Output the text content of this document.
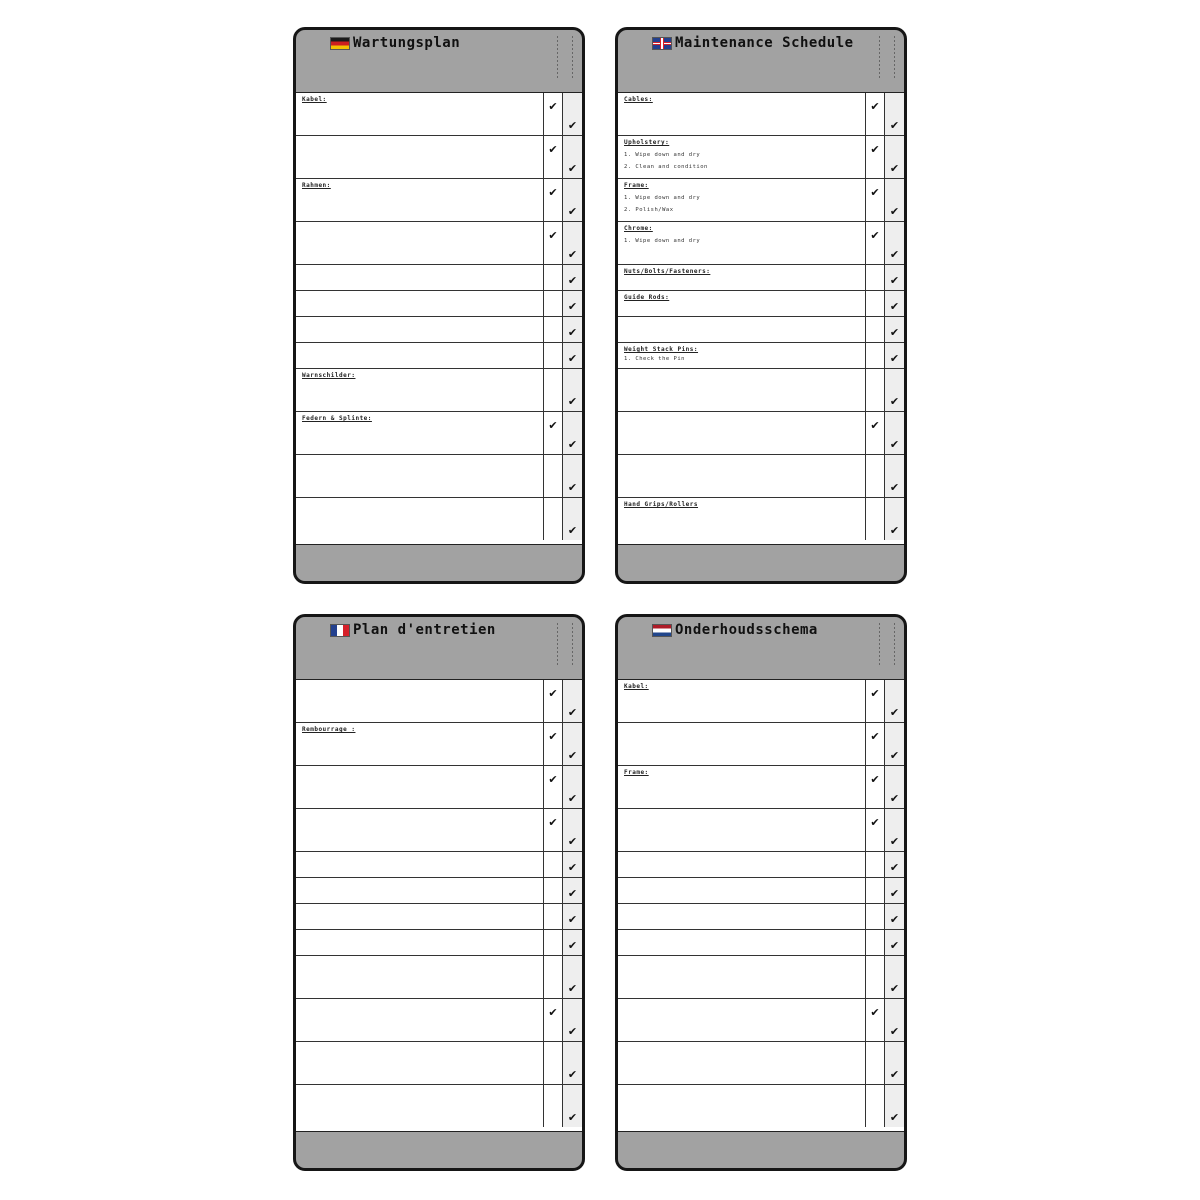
Wartungsplan
Kabel:
✔
✔
✔
✔
Rahmen:
✔
✔
✔
✔
✔
✔
✔
✔
Warnschilder:
✔
Federn & Splinte:
✔
✔
✔
✔
Maintenance Schedule
Cables:
✔
✔
Upholstery:
1. Wipe down and dry
2. Clean and condition
✔
✔
Frame:
1. Wipe down and dry
2. Polish/Wax
✔
✔
Chrome:
1. Wipe down and dry	✔
✔
Nuts/Bolts/Fasteners:
✔
Guide Rods:
✔
✔
Weight Stack Pins:
1. Check the Pin	✔
✔
✔
✔
✔
Hand Grips/Rollers
✔
Plan d'entretien
✔
✔
Rembourrage :
✔
✔
✔
✔
✔
✔
✔
✔
✔
✔
✔
✔
✔
✔
✔
Onderhoudsschema
Kabel:
✔
✔
✔
✔
Frame:
✔
✔
✔
✔
✔
✔
✔
✔
✔
✔
✔
✔
✔
